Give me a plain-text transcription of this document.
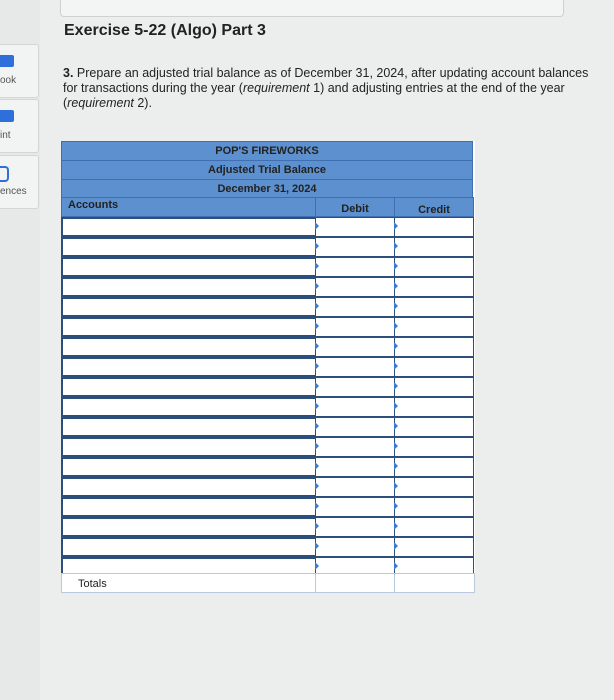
ook
int
ences
Exercise 5-22 (Algo) Part 3
3. Prepare an adjusted trial balance as of December 31, 2024, after updating account balances for transactions during the year (requirement 1) and adjusting entries at the end of the year (requirement 2).
POP'S FIREWORKS
Adjusted Trial Balance
December 31, 2024
Accounts	Debit	Credit
Totals
